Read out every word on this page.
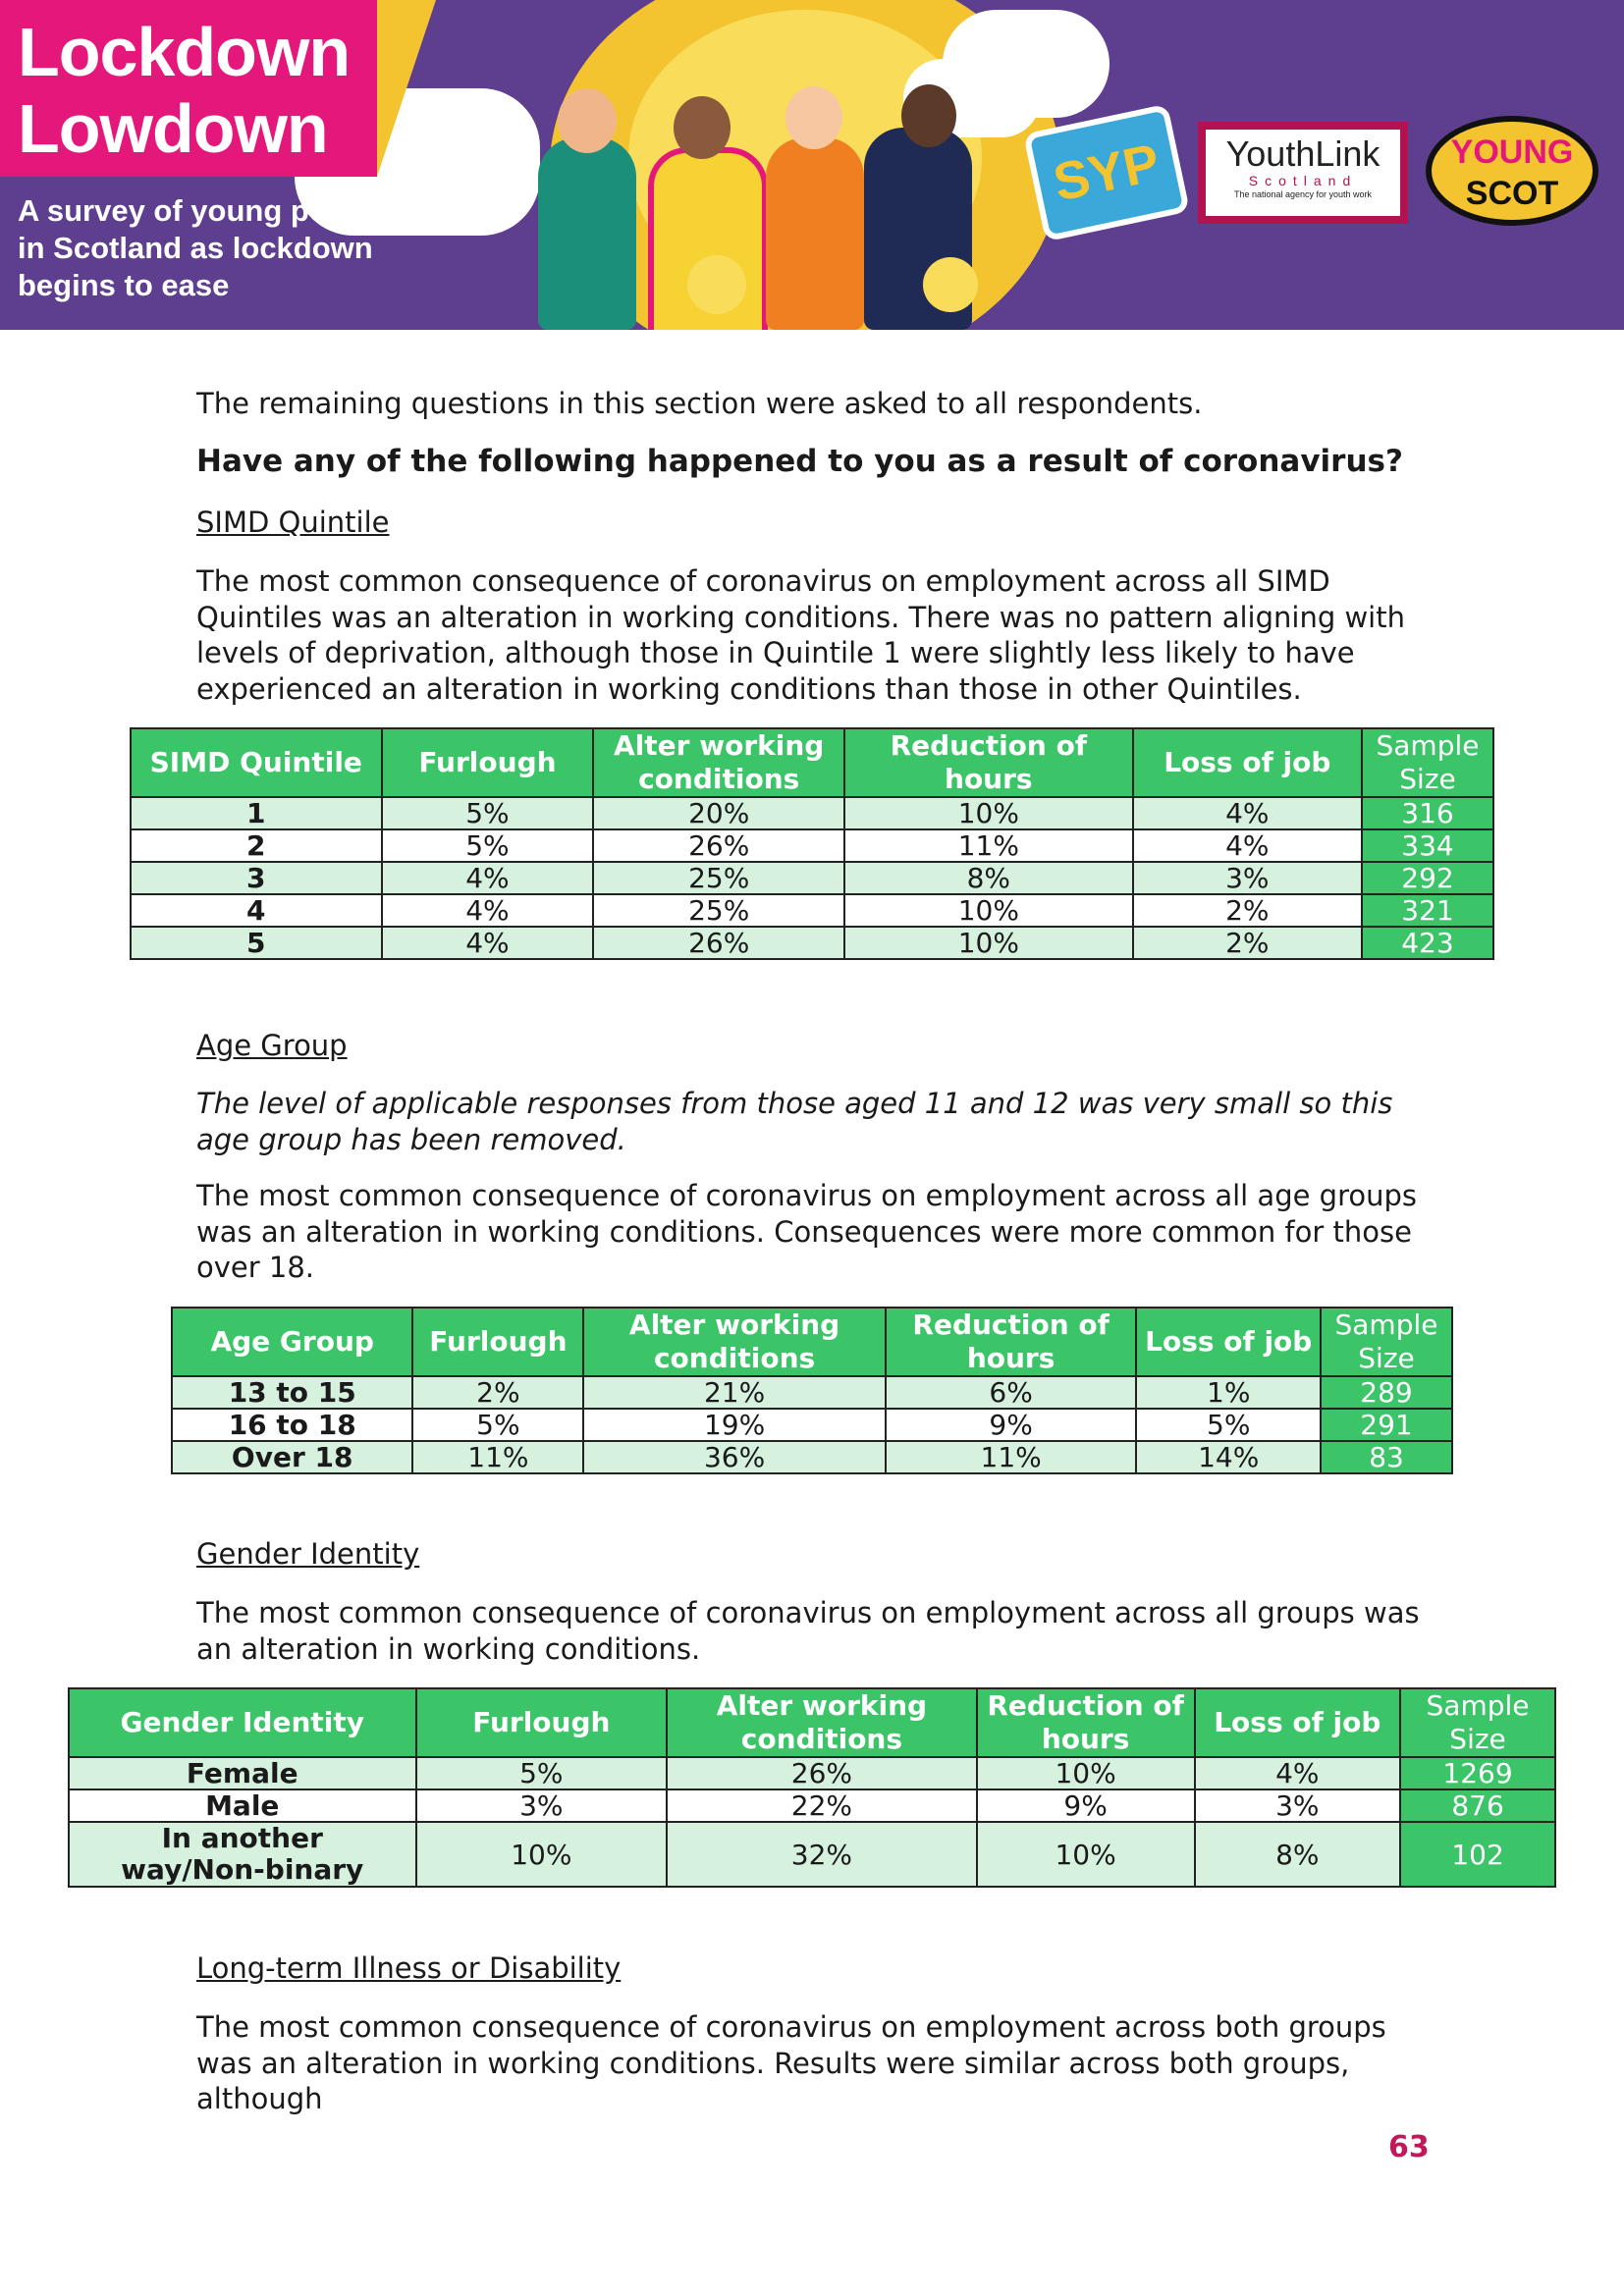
Lockdown
Lowdown
A survey of young people in Scotland as lockdown begins to ease
SYP	YouthLink
Scotland
The national agency for youth work
YOUNG
SCOT

The remaining questions in this section were asked to all respondents.

Have any of the following happened to you as a result of coronavirus?

SIMD Quintile

The most common consequence of coronavirus on employment across all SIMD Quintiles was an alteration in working conditions. There was no pattern aligning with levels of deprivation, although those in Quintile 1 were slightly less likely to have experienced an alteration in working conditions than those in other Quintiles.

SIMD Quintile	Furlough	Alter working conditions	Reduction of hours	Loss of job	Sample Size
1	5%	20%	10%	4%	316
2	5%	26%	11%	4%	334
3	4%	25%	8%	3%	292
4	4%	25%	10%	2%	321
5	4%	26%	10%	2%	423

Age Group

The level of applicable responses from those aged 11 and 12 was very small so this age group has been removed.

The most common consequence of coronavirus on employment across all age groups was an alteration in working conditions. Consequences were more common for those over 18.

Age Group	Furlough	Alter working conditions	Reduction of hours	Loss of job	Sample Size
13 to 15	2%	21%	6%	1%	289
16 to 18	5%	19%	9%	5%	291
Over 18	11%	36%	11%	14%	83

Gender Identity

The most common consequence of coronavirus on employment across all groups was an alteration in working conditions.

Gender Identity	Furlough	Alter working conditions	Reduction of hours	Loss of job	Sample Size
Female	5%	26%	10%	4%	1269
Male	3%	22%	9%	3%	876
In another way/Non-binary	10%	32%	10%	8%	102

Long-term Illness or Disability

The most common consequence of coronavirus on employment across both groups was an alteration in working conditions. Results were similar across both groups, although

63
